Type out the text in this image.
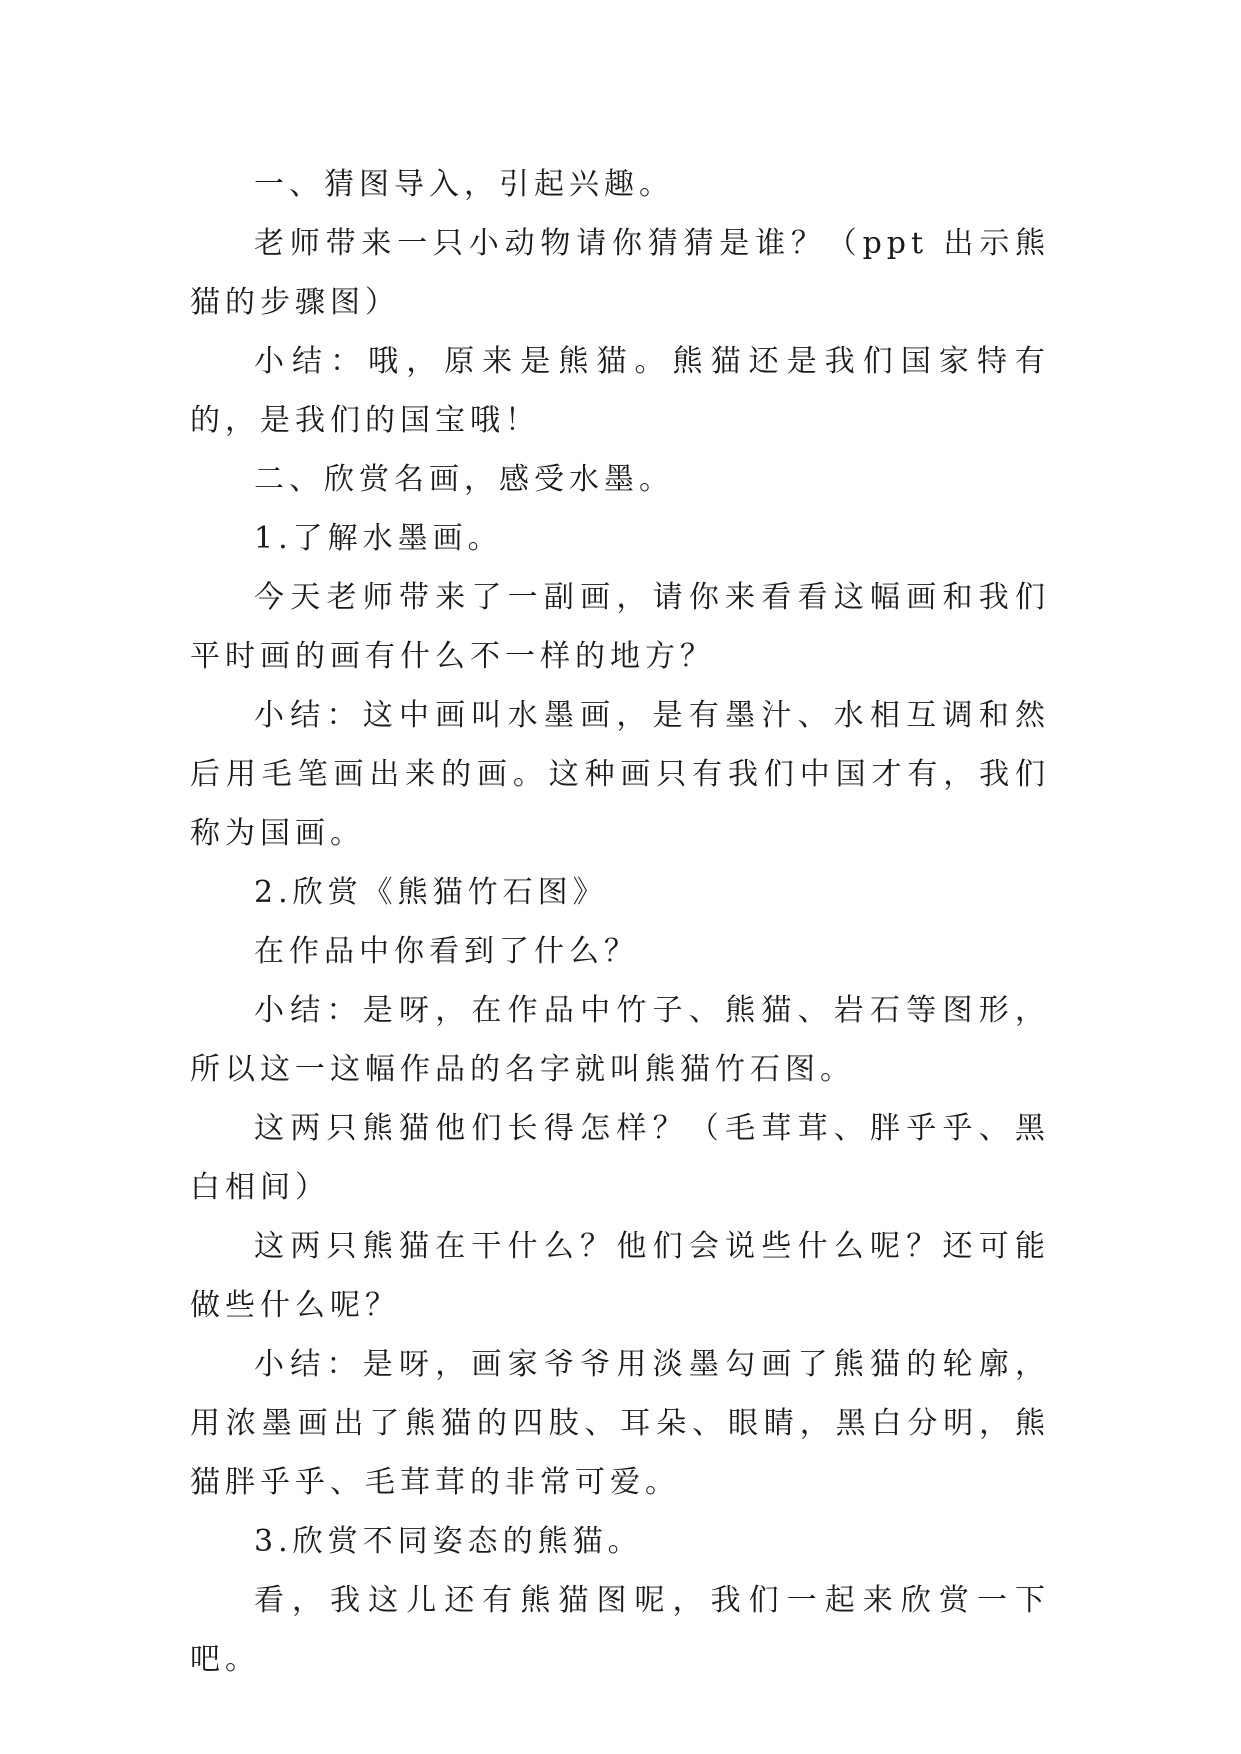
一、猜图导入，引起兴趣。

老师带来一只小动物请你猜猜是谁？（ppt 出示熊猫的步骤图）

小结：哦，原来是熊猫。熊猫还是我们国家特有的，是我们的国宝哦！

二、欣赏名画，感受水墨。

1.了解水墨画。

今天老师带来了一副画，请你来看看这幅画和我们平时画的画有什么不一样的地方？

小结：这中画叫水墨画，是有墨汁、水相互调和然后用毛笔画出来的画。这种画只有我们中国才有，我们称为国画。

2.欣赏《熊猫竹石图》

在作品中你看到了什么？

小结：是呀，在作品中竹子、熊猫、岩石等图形，所以这一这幅作品的名字就叫熊猫竹石图。

这两只熊猫他们长得怎样？（毛茸茸、胖乎乎、黑白相间）

这两只熊猫在干什么？他们会说些什么呢？还可能做些什么呢？

小结：是呀，画家爷爷用淡墨勾画了熊猫的轮廓，用浓墨画出了熊猫的四肢、耳朵、眼睛，黑白分明，熊猫胖乎乎、毛茸茸的非常可爱。

3.欣赏不同姿态的熊猫。

看，我这儿还有熊猫图呢，我们一起来欣赏一下吧。
